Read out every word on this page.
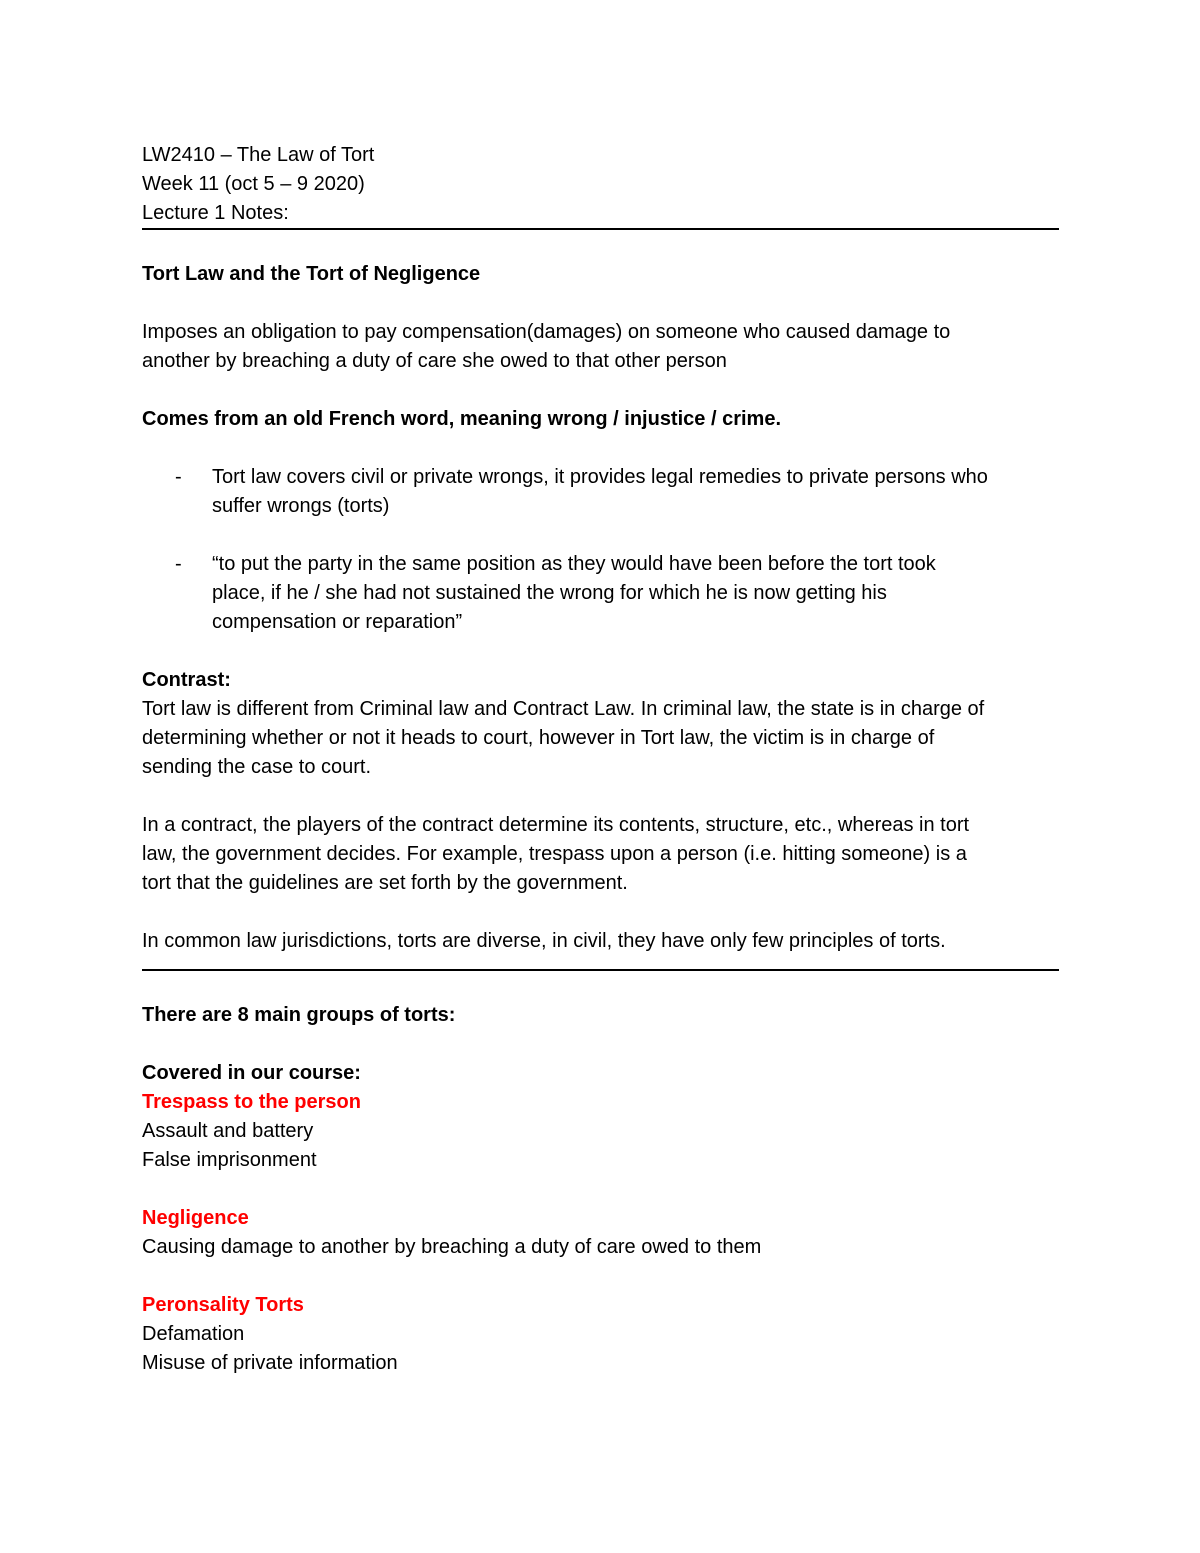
LW2410 – The Law of Tort
Week 11 (oct 5 – 9 2020)
Lecture 1 Notes:
Tort Law and the Tort of Negligence
Imposes an obligation to pay compensation(damages) on someone who caused damage to
another by breaching a duty of care she owed to that other person
Comes from an old French word, meaning wrong / injustice / crime.
- Tort law covers civil or private wrongs, it provides legal remedies to private persons who
suffer wrongs (torts)
- “to put the party in the same position as they would have been before the tort took
place, if he / she had not sustained the wrong for which he is now getting his
compensation or reparation”
Contrast:
Tort law is different from Criminal law and Contract Law. In criminal law, the state is in charge of
determining whether or not it heads to court, however in Tort law, the victim is in charge of
sending the case to court.
In a contract, the players of the contract determine its contents, structure, etc., whereas in tort
law, the government decides. For example, trespass upon a person (i.e. hitting someone) is a
tort that the guidelines are set forth by the government.
In common law jurisdictions, torts are diverse, in civil, they have only few principles of torts.
There are 8 main groups of torts:
Covered in our course:
Trespass to the person
Assault and battery
False imprisonment
Negligence
Causing damage to another by breaching a duty of care owed to them
Peronsality Torts
Defamation
Misuse of private information
